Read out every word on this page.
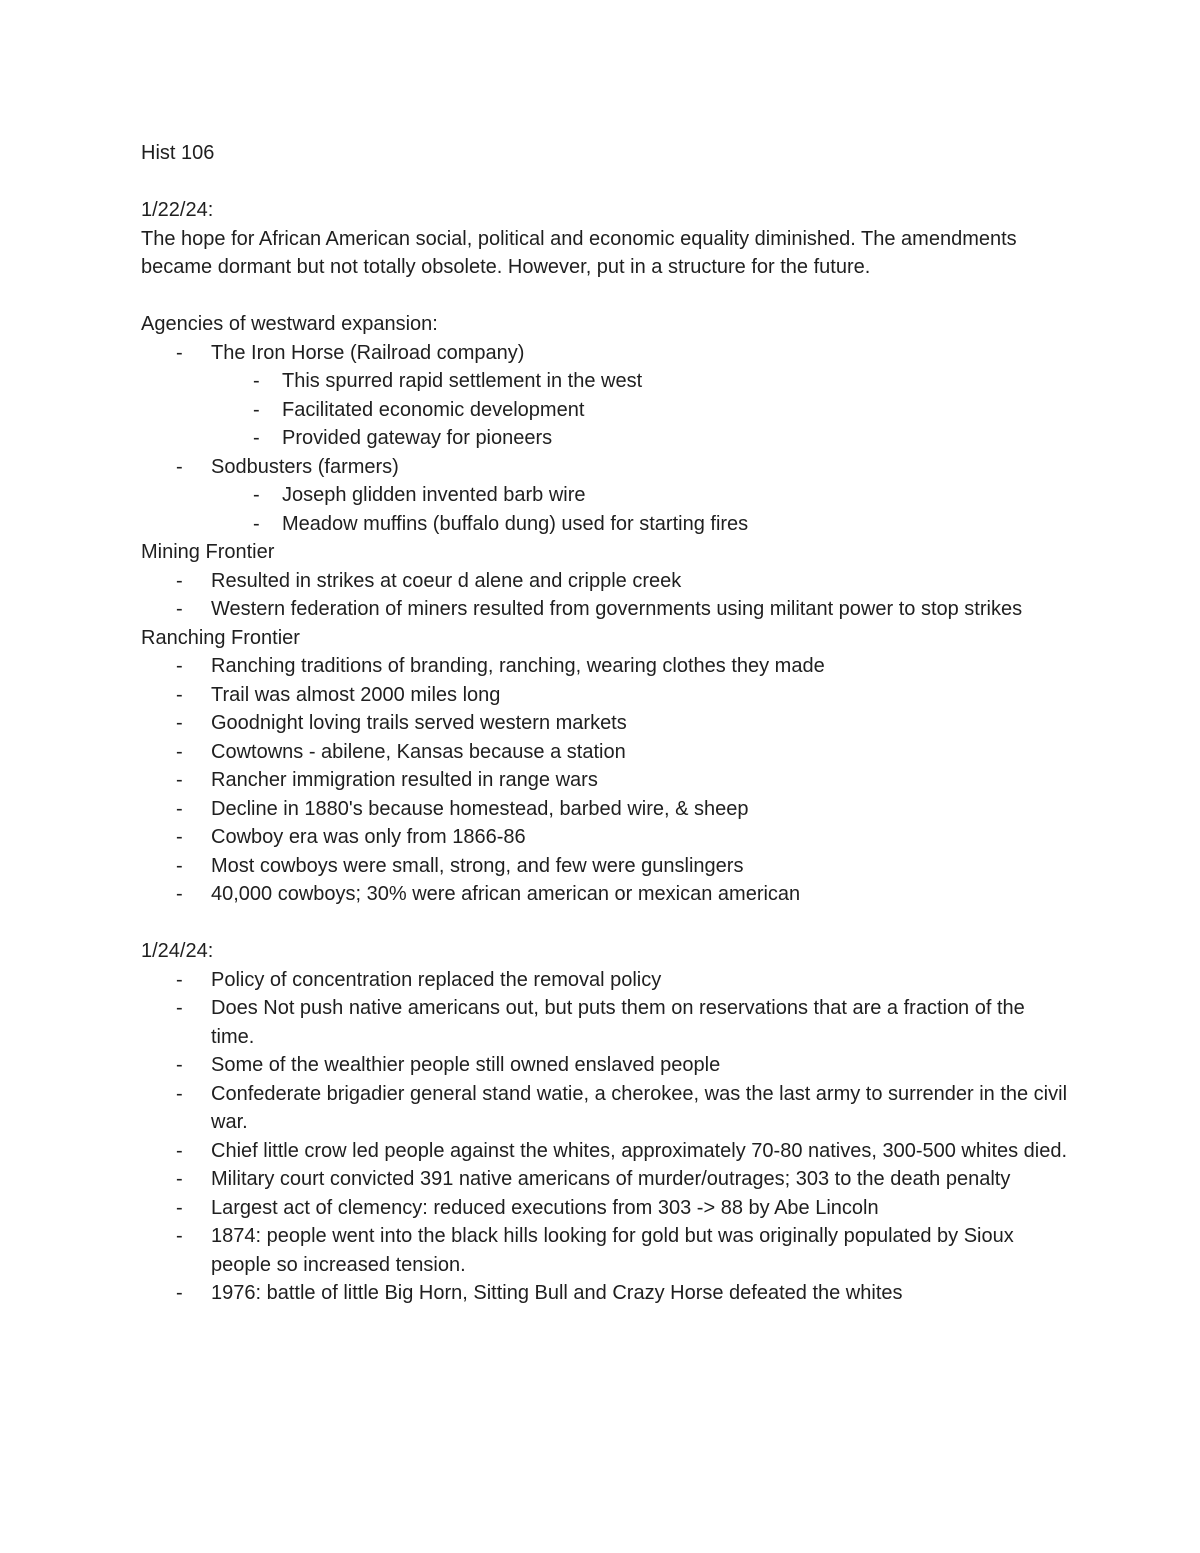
Hist 106

1/22/24:

The hope for African American social, political and economic equality diminished. The amendments became dormant but not totally obsolete. However, put in a structure for the future.

Agencies of westward expansion:

- The Iron Horse (Railroad company)
- This spurred rapid settlement in the west
- Facilitated economic development
- Provided gateway for pioneers
- Sodbusters (farmers)
- Joseph glidden invented barb wire
- Meadow muffins (buffalo dung) used for starting fires

Mining Frontier

- Resulted in strikes at coeur d alene and cripple creek
- Western federation of miners resulted from governments using militant power to stop strikes

Ranching Frontier

- Ranching traditions of branding, ranching, wearing clothes they made
- Trail was almost 2000 miles long
- Goodnight loving trails served western markets
- Cowtowns - abilene, Kansas because a station
- Rancher immigration resulted in range wars
- Decline in 1880's because homestead, barbed wire, & sheep
- Cowboy era was only from 1866-86
- Most cowboys were small, strong, and few were gunslingers
- 40,000 cowboys; 30% were african american or mexican american

1/24/24:

- Policy of concentration replaced the removal policy
- Does Not push native americans out, but puts them on reservations that are a fraction of the time.
- Some of the wealthier people still owned enslaved people
- Confederate brigadier general stand watie, a cherokee, was the last army to surrender in the civil war.
- Chief little crow led people against the whites, approximately 70-80 natives, 300-500 whites died.
- Military court convicted 391 native americans of murder/outrages; 303 to the death penalty
- Largest act of clemency: reduced executions from 303 -> 88 by Abe Lincoln
- 1874: people went into the black hills looking for gold but was originally populated by Sioux people so increased tension.
- 1976: battle of little Big Horn, Sitting Bull and Crazy Horse defeated the whites
